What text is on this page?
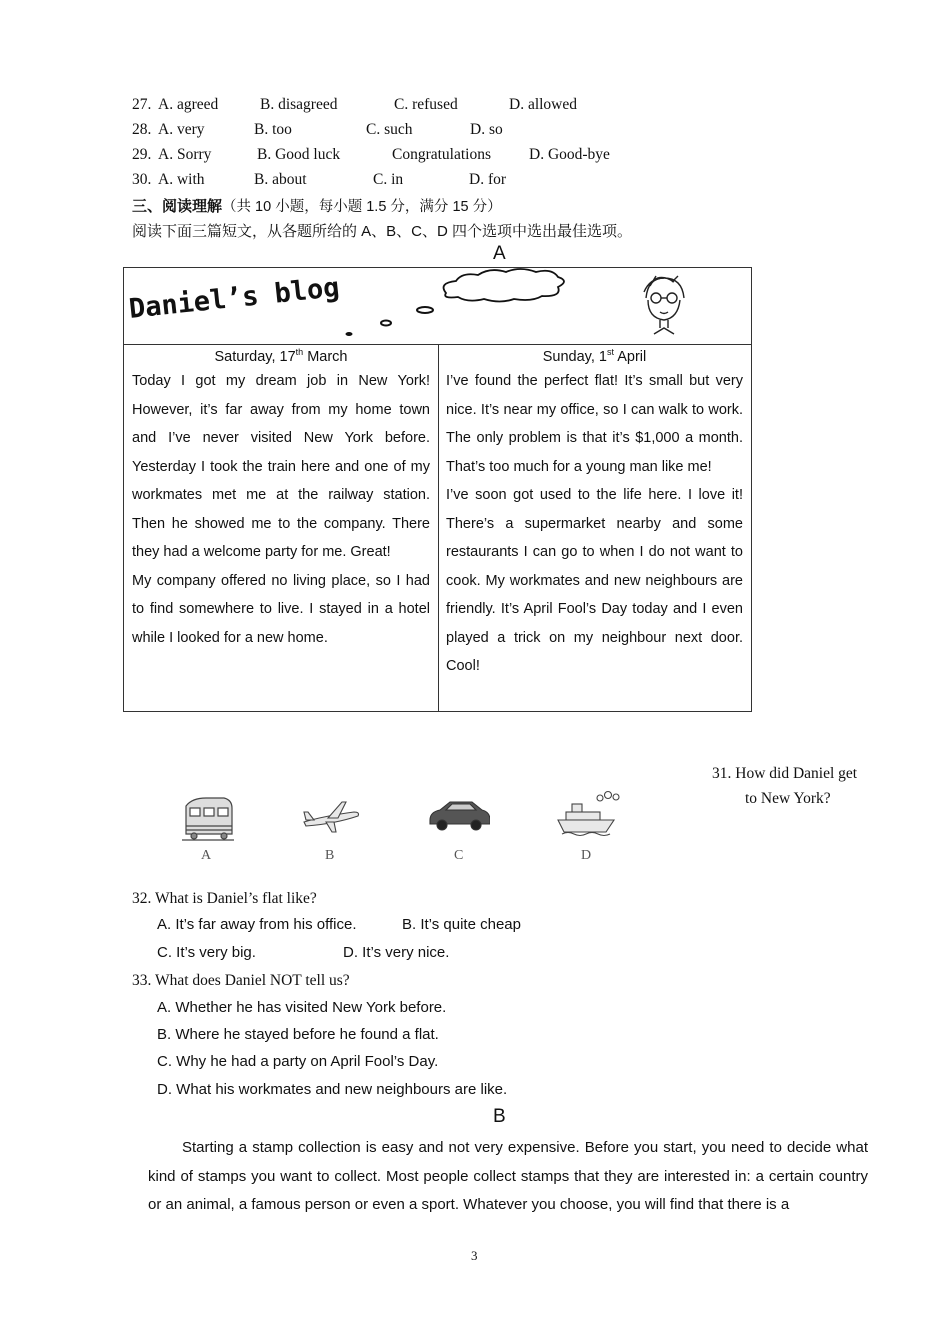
27. A. agreed	B. disagreed	C. refused	D. allowed
28. A. very	B. too	C. such	D. so
29. A. Sorry	B. Good luck	Congratulations D. Good-bye
30. A. with	B. about	C. in	D. for
三、阅读理解（共 10 小题，每小题 1.5 分，满分 15 分）
阅读下面三篇短文，从各题所给的 A、B、C、D 四个选项中选出最佳选项。
A
Daniel’s blog
Saturday, 17th March

Today I got my dream job in New York! However, it’s far away from my home town and I’ve never visited New York before. Yesterday I took the train here and one of my workmates met me at the railway station. Then he showed me to the company. There they had a welcome party for me. Great!

My company offered no living place, so I had to find somewhere to live. I stayed in a hotel while I looked for a new home.

Sunday, 1st April

I’ve found the perfect flat! It’s small but very nice. It’s near my office, so I can walk to work. The only problem is that it’s $1,000 a month. That’s too much for a young man like me!

I’ve soon got used to the life here. I love it! There’s a supermarket nearby and some restaurants I can go to when I do not want to cook. My workmates and new neighbours are friendly. It’s April Fool’s Day today and I even played a trick on my neighbour next door. Cool!

31. How did Daniel get
to New York?
A	B	C	D
32. What is Daniel’s flat like?
A. It’s far away from his office.	B. It’s quite cheap
C. It’s very big.	D. It’s very nice.
33. What does Daniel NOT tell us?
A. Whether he has visited New York before.
B. Where he stayed before he found a flat.
C. Why he had a party on April Fool’s Day.
D. What his workmates and new neighbours are like.
B

Starting a stamp collection is easy and not very expensive. Before you start, you need to decide what kind of stamps you want to collect. Most people collect stamps that they are interested in: a certain country or an animal, a famous person or even a sport. Whatever you choose, you will find that there is a

3
